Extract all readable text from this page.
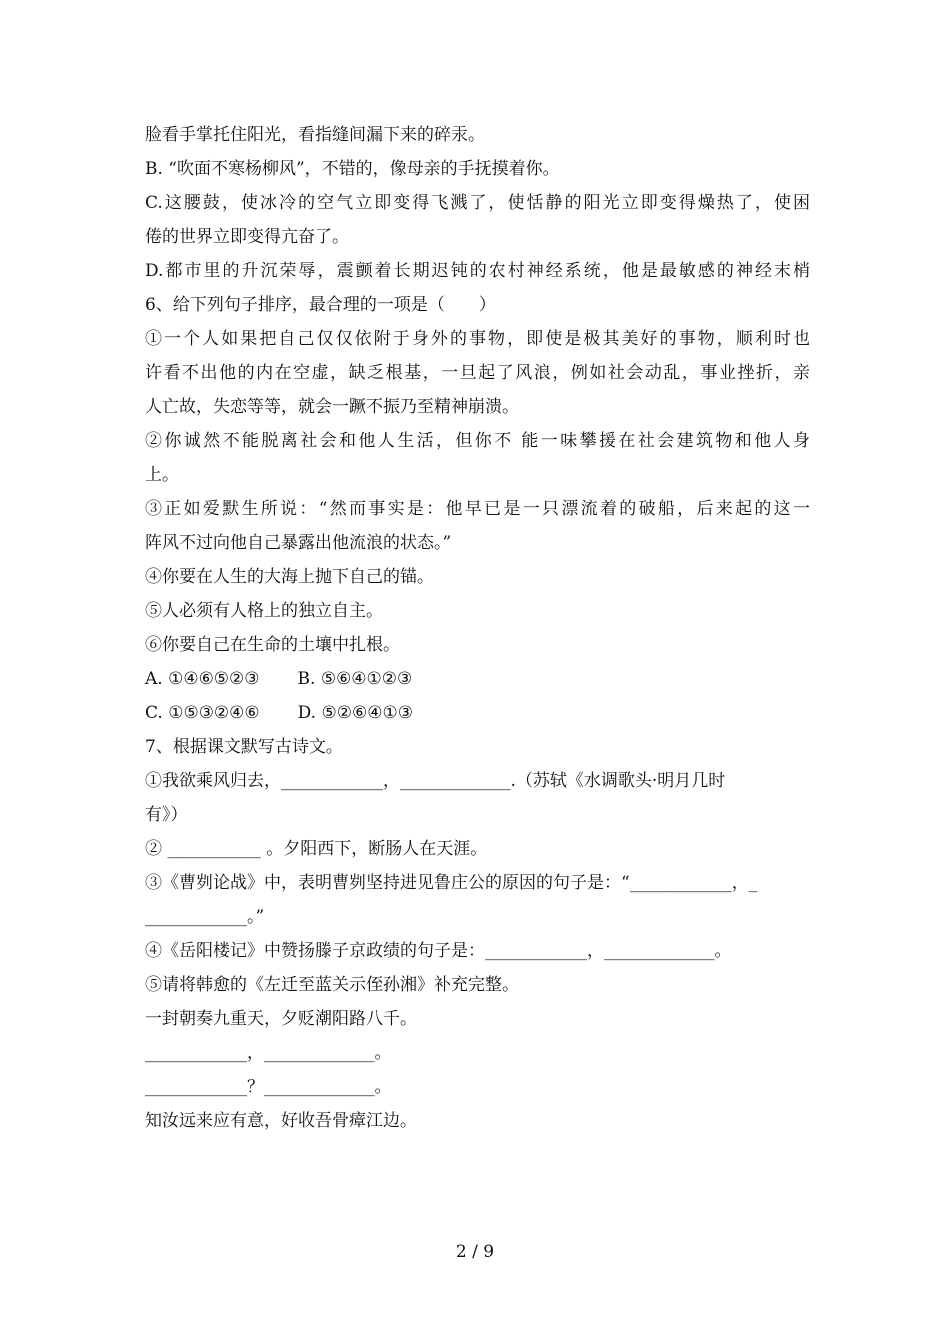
脸看手掌托住阳光，看指缝间漏下来的碎汞。
B. “吹面不寒杨柳风”，不错的，像母亲的手抚摸着你。
C.这腰鼓，使冰冷的空气立即变得飞溅了，使恬静的阳光立即变得燥热了，使困
倦的世界立即变得亢奋了。
D.都市里的升沉荣辱，震颤着长期迟钝的农村神经系统，他是最敏感的神经末梢
6、给下列句子排序，最合理的一项是（　　）
①一个人如果把自己仅仅依附于身外的事物，即使是极其美好的事物，顺利时也
许看不出他的内在空虚，缺乏根基，一旦起了风浪，例如社会动乱，事业挫折，亲
人亡故，失恋等等，就会一蹶不振乃至精神崩溃。
②你诚然不能脱离社会和他人生活，但你不 能一味攀援在社会建筑物和他人身
上。
③正如爱默生所说：“然而事实是：他早已是一只漂流着的破船，后来起的这一
阵风不过向他自己暴露出他流浪的状态。”
④你要在人生的大海上抛下自己的锚。
⑤人必须有人格上的独立自主。
⑥你要自己在生命的土壤中扎根。
A. ①④⑥⑤②③ B. ⑤⑥④①②③
C. ①⑤③②④⑥ D. ⑤②⑥④①③
7、根据课文默写古诗文。
①我欲乘风归去，____________，_____________.（苏轼《水调歌头·明月几时
有》）
② ___________ 。夕阳西下，断肠人在天涯。
③《曹刿论战》中，表明曹刿坚持进见鲁庄公的原因的句子是：“____________，_
____________。”
④《岳阳楼记》中赞扬滕子京政绩的句子是：____________，_____________。
⑤请将韩愈的《左迁至蓝关示侄孙湘》补充完整。
一封朝奏九重天，夕贬潮阳路八千。
____________，_____________。
____________？_____________。
知汝远来应有意，好收吾骨瘴江边。
2 / 9
